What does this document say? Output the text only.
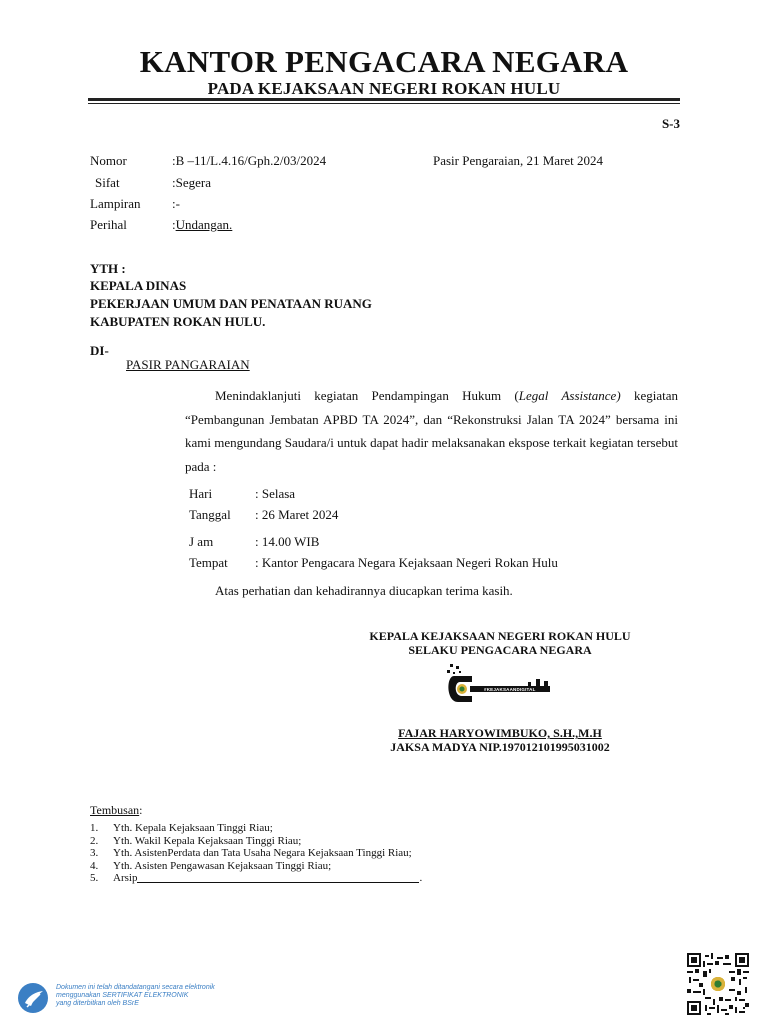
KANTOR PENGACARA NEGARA
PADA KEJAKSAAN NEGERI ROKAN HULU
S-3
Nomor	:B –11/L.4.16/Gph.2/03/2024	Pasir Pengaraian, 21 Maret 2024
Sifat	:Segera
Lampiran :-
Perihal	:Undangan.
YTH :
KEPALA DINAS
PEKERJAAN UMUM DAN PENATAAN RUANG
KABUPATEN ROKAN HULU.
DI-
PASIR PANGARAIAN

Menindaklanjuti kegiatan Pendampingan Hukum (Legal Assistance) kegiatan “Pembangunan Jembatan APBD TA 2024”, dan “Rekonstruksi Jalan TA 2024” bersama ini kami mengundang Saudara/i untuk dapat hadir melaksanakan ekspose terkait kegiatan tersebut pada :

Hari	: Selasa
Tanggal : 26 Maret 2024
J am	: 14.00 WIB
Tempat : Kantor Pengacara Negara Kejaksaan Negeri Rokan Hulu
Atas perhatian dan kehadirannya diucapkan terima kasih.
KEPALA KEJAKSAAN NEGERI ROKAN HULU
SELAKU PENGACARA NEGARA
#KEJAKSAANDIGITAL
FAJAR HARYOWIMBUKO, S.H.,M.H
JAKSA MADYA NIP.197012101995031002
Tembusan:
1.	Yth. Kepala Kejaksaan Tinggi Riau;
2.	Yth. Wakil Kepala Kejaksaan Tinggi Riau;
3.	Yth. AsistenPerdata dan Tata Usaha Negara Kejaksaan Tinggi Riau;
4.	Yth. Asisten Pengawasan Kejaksaan Tinggi Riau;
5.	Arsip	.
Dokumen ini telah ditandatangani secara elektronik
menggunakan SERTIFIKAT ELEKTRONIK
yang diterbitkan oleh BSrE
